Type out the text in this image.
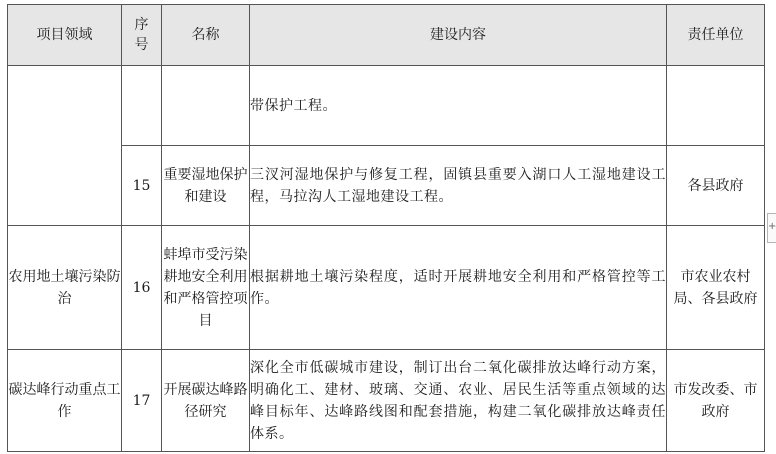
项目领域	序号	名称	建设内容	责任单位
			带保护工程。	
	15	重要湿地保护和建设	三汊河湿地保护与修复工程，固镇县重要入湖口人工湿地建设工程，马拉沟人工湿地建设工程。	各县政府
农用地土壤污染防治	16	蚌埠市受污染耕地安全利用和严格管控项目	根据耕地土壤污染程度，适时开展耕地安全利用和严格管控等工作。	市农业农村局、各县政府
碳达峰行动重点工作	17	开展碳达峰路径研究	深化全市低碳城市建设，制订出台二氧化碳排放达峰行动方案，明确化工、建材、玻璃、交通、农业、居民生活等重点领域的达峰目标年、达峰路线图和配套措施，构建二氧化碳排放达峰责任体系。	市发改委、市政府
+
